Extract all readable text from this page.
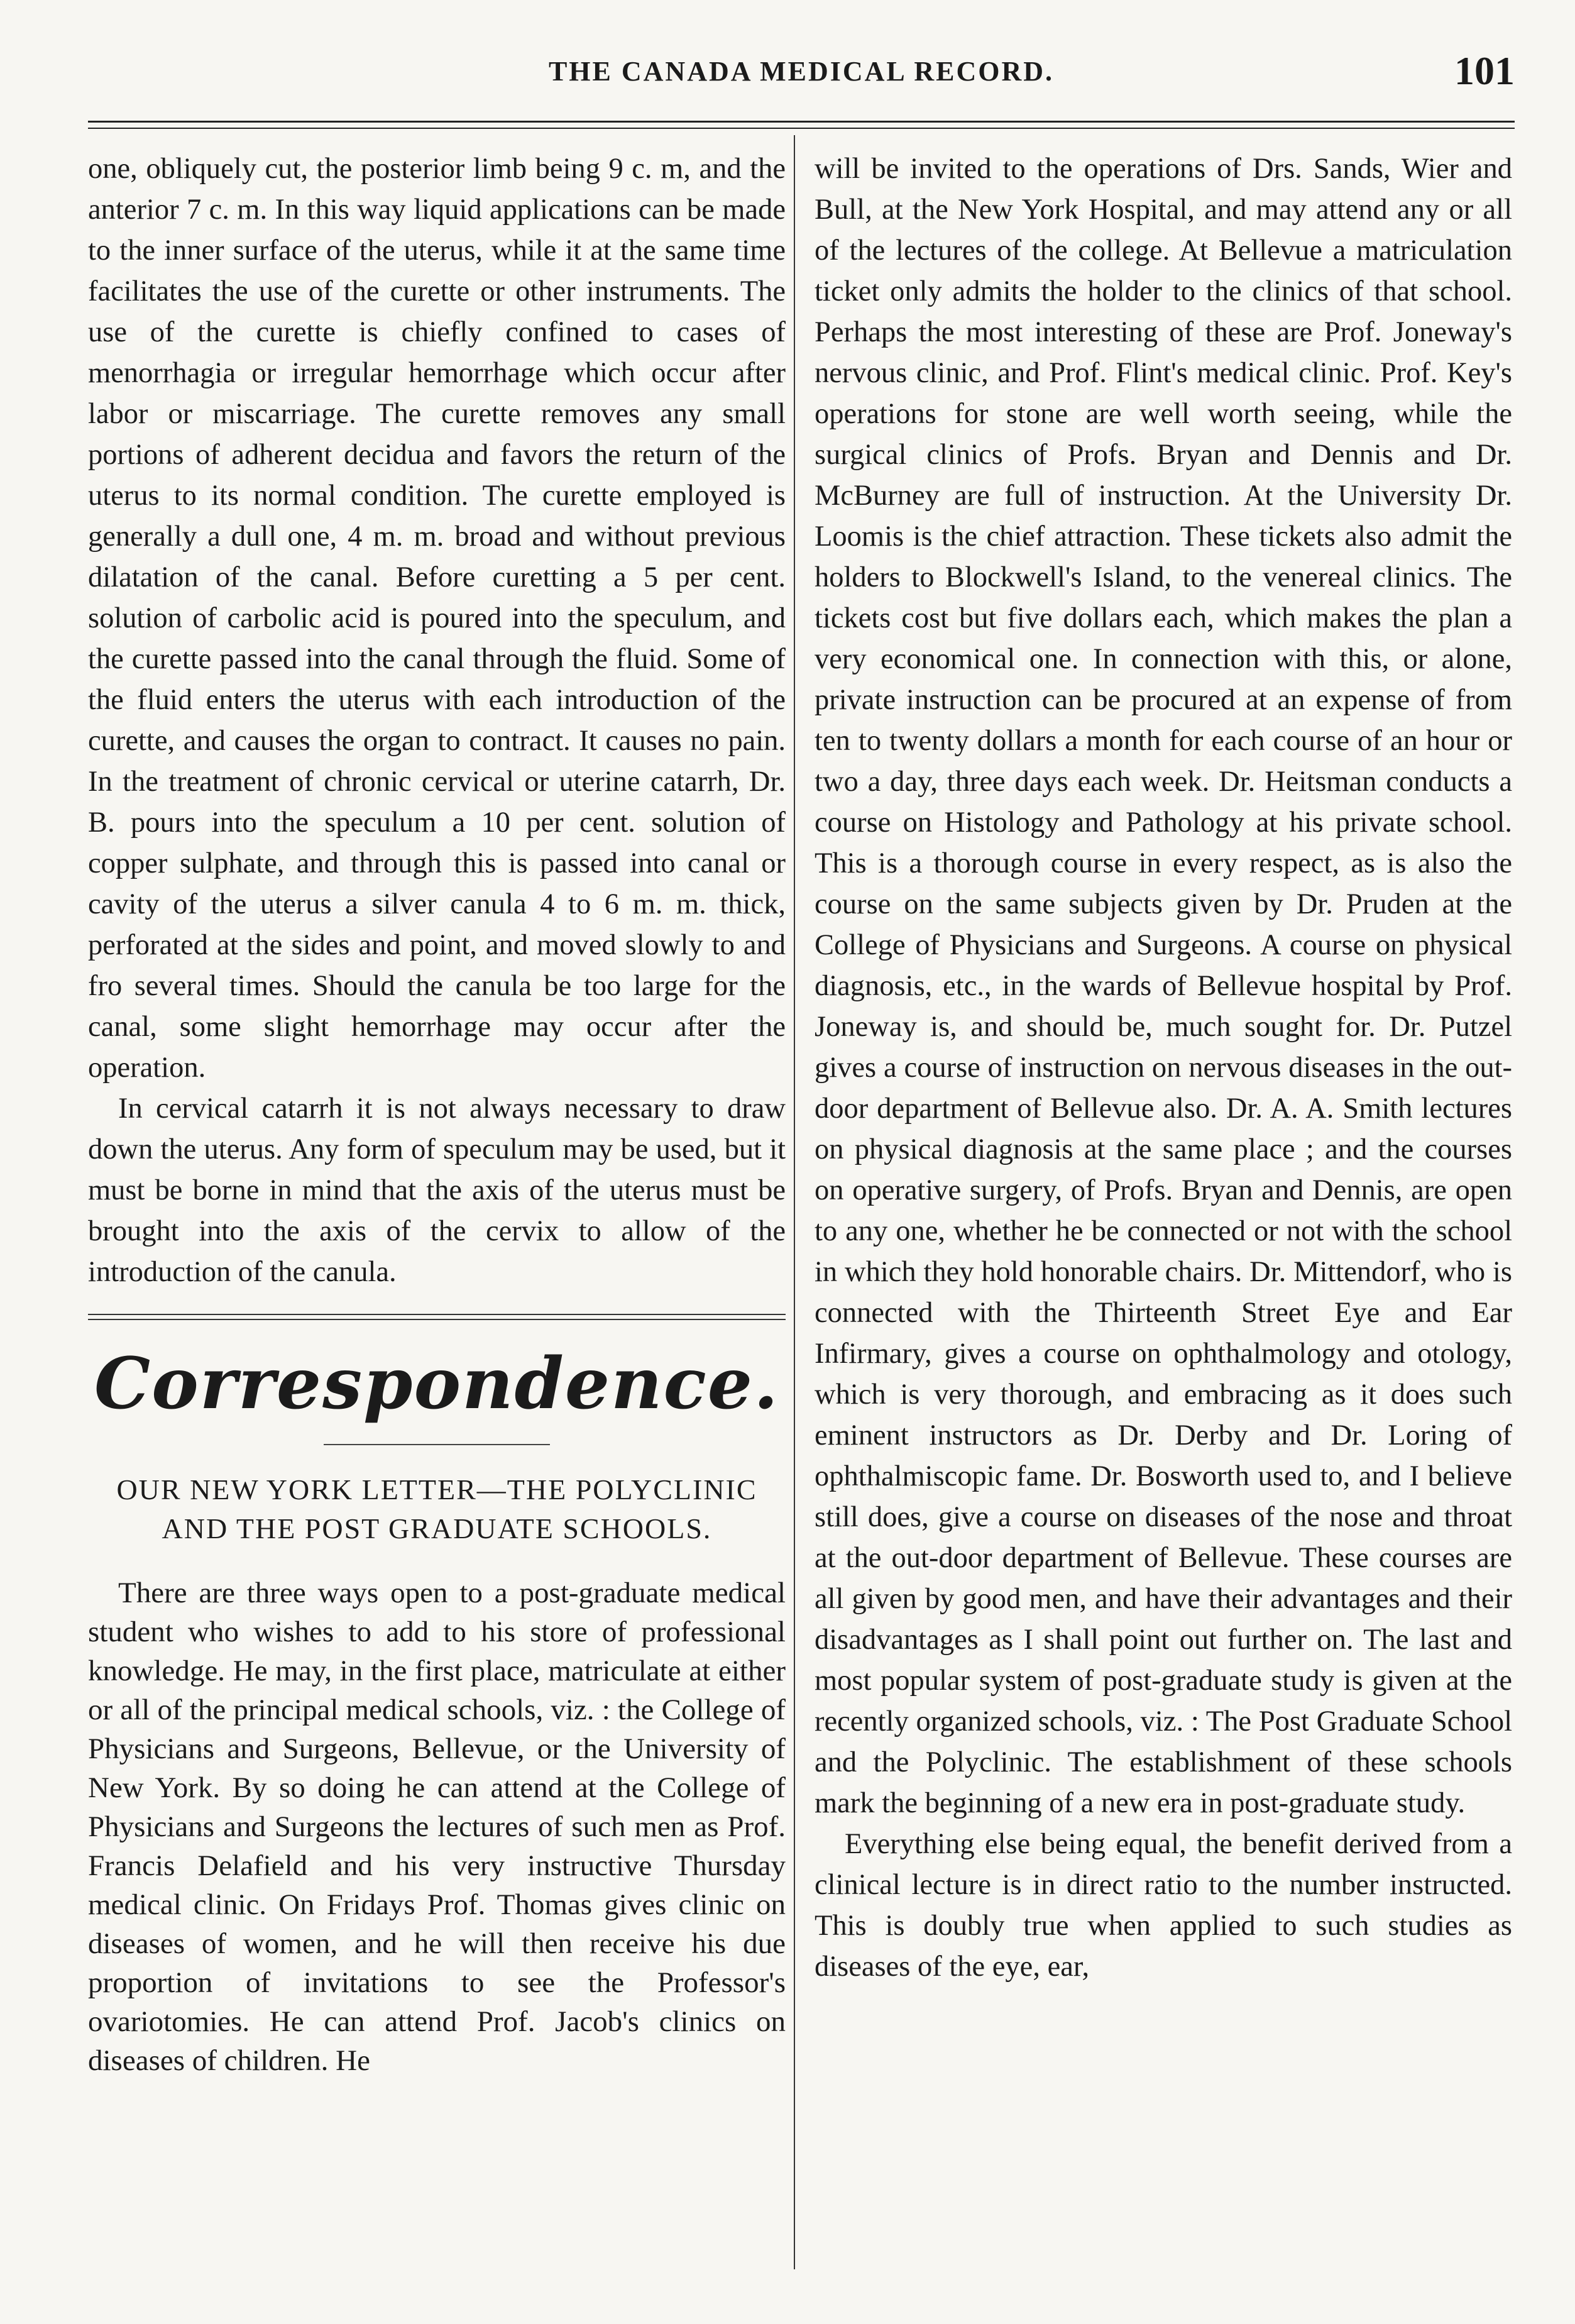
THE CANADA MEDICAL RECORD.	101

one, obliquely cut, the posterior limb being 9 c. m, and the anterior 7 c. m. In this way liquid applications can be made to the inner surface of the uterus, while it at the same time facilitates the use of the curette or other instruments. The use of the curette is chiefly confined to cases of menorrhagia or irregular hemorrhage which occur after labor or miscarriage. The curette removes any small portions of adherent decidua and favors the return of the uterus to its normal condition. The curette employed is generally a dull one, 4 m. m. broad and without previous dilatation of the canal. Before curetting a 5 per cent. solution of carbolic acid is poured into the speculum, and the curette passed into the canal through the fluid. Some of the fluid enters the uterus with each introduction of the curette, and causes the organ to contract. It causes no pain. In the treatment of chronic cervical or uterine catarrh, Dr. B. pours into the speculum a 10 per cent. solution of copper sulphate, and through this is passed into canal or cavity of the uterus a silver canula 4 to 6 m. m. thick, perforated at the sides and point, and moved slowly to and fro several times. Should the canula be too large for the canal, some slight hemorrhage may occur after the operation.

In cervical catarrh it is not always necessary to draw down the uterus. Any form of speculum may be used, but it must be borne in mind that the axis of the uterus must be brought into the axis of the cervix to allow of the introduction of the canula.

Correspondence.
OUR NEW YORK LETTER—THE POLYCLINIC AND THE POST GRADUATE SCHOOLS.

There are three ways open to a post-graduate medical student who wishes to add to his store of professional knowledge. He may, in the first place, matriculate at either or all of the principal medical schools, viz. : the College of Physicians and Surgeons, Bellevue, or the University of New York. By so doing he can attend at the College of Physicians and Surgeons the lectures of such men as Prof. Francis Delafield and his very instructive Thursday medical clinic. On Fridays Prof. Thomas gives clinic on diseases of women, and he will then receive his due proportion of invitations to see the Professor's ovariotomies. He can attend Prof. Jacob's clinics on diseases of children. He

will be invited to the operations of Drs. Sands, Wier and Bull, at the New York Hospital, and may attend any or all of the lectures of the college. At Bellevue a matriculation ticket only admits the holder to the clinics of that school. Perhaps the most interesting of these are Prof. Joneway's nervous clinic, and Prof. Flint's medical clinic. Prof. Key's operations for stone are well worth seeing, while the surgical clinics of Profs. Bryan and Dennis and Dr. McBurney are full of instruction. At the University Dr. Loomis is the chief attraction. These tickets also admit the holders to Blockwell's Island, to the venereal clinics. The tickets cost but five dollars each, which makes the plan a very economical one. In connection with this, or alone, private instruction can be procured at an expense of from ten to twenty dollars a month for each course of an hour or two a day, three days each week. Dr. Heitsman conducts a course on Histology and Pathology at his private school. This is a thorough course in every respect, as is also the course on the same subjects given by Dr. Pruden at the College of Physicians and Surgeons. A course on physical diagnosis, etc., in the wards of Bellevue hospital by Prof. Joneway is, and should be, much sought for. Dr. Putzel gives a course of instruction on nervous diseases in the out-door department of Bellevue also. Dr. A. A. Smith lectures on physical diagnosis at the same place ; and the courses on operative surgery, of Profs. Bryan and Dennis, are open to any one, whether he be connected or not with the school in which they hold honorable chairs. Dr. Mittendorf, who is connected with the Thirteenth Street Eye and Ear Infirmary, gives a course on ophthalmology and otology, which is very thorough, and embracing as it does such eminent instructors as Dr. Derby and Dr. Loring of ophthalmiscopic fame. Dr. Bosworth used to, and I believe still does, give a course on diseases of the nose and throat at the out-door department of Bellevue. These courses are all given by good men, and have their advantages and their disadvantages as I shall point out further on. The last and most popular system of post-graduate study is given at the recently organized schools, viz. : The Post Graduate School and the Polyclinic. The establishment of these schools mark the beginning of a new era in post-graduate study.

Everything else being equal, the benefit derived from a clinical lecture is in direct ratio to the number instructed. This is doubly true when applied to such studies as diseases of the eye, ear,
